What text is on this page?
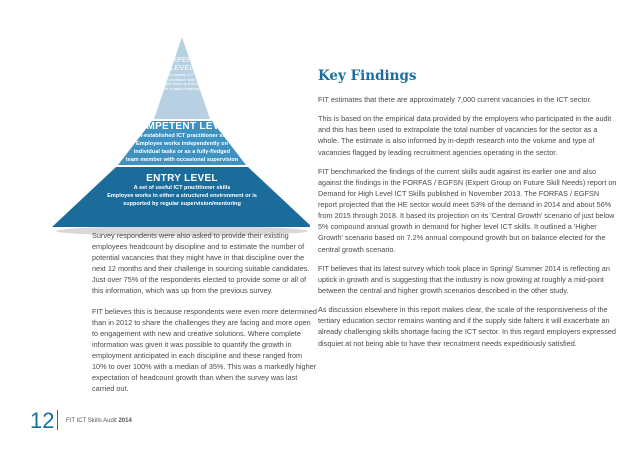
EXPERT
LEVEL
A mastery of IT
practitioner skills
Employee works on a technology
expert or leads a team project
COMPETENT LEVEL
Well-established ICT practitioner skills
Employee works independently on
individual tasks or as a fully-fledged
team member with occasional supervision
ENTRY LEVEL
A set of useful ICT practitioner skills
Employee works in either a structured environment or is
supported by regular supervision/mentoring

Survey respondents were also asked to provide their existing employees headcount by discipline and to estimate the number of potential vacancies that they might have in that discipline over the next 12 months and their challenge in sourcing suitable candidates. Just over 75% of the respondents elected to provide some or all of this information, which was up from the previous survey.

FIT believes this is because respondents were even more determined than in 2012 to share the challenges they are facing and more open to engagement with new and creative solutions. Where complete information was given it was possible to quantify the growth in employment anticipated in each discipline and these ranged from 10% to over 100% with a median of 35%. This was a markedly higher expectation of headcount growth than when the survey was last carried out.

Key Findings

FIT estimates that there are approximately 7,000 current vacancies in the ICT sector.

This is based on the empirical data provided by the employers who participated in the audit and this has been used to extrapolate the total number of vacancies for the sector as a whole. The estimate is also informed by in-depth research into the volume and type of vacancies flagged by leading recruitment agencies operating in the sector.

FIT benchmarked the findings of the current skills audit against its earlier one and also against the findings in the FORFAS / EGFSN (Expert Group on Future Skill Needs) report on Demand for High Level ICT Skills published in November 2013. The FORFAS / EGFSN report projected that the HE sector would meet 53% of the demand in 2014 and about 56% from 2015 through 2018. It based its projection on its 'Central Growth' scenario of just below 5% compound annual growth in demand for higher level ICT skills. It outlined a 'Higher Growth' scenario based on 7.2% annual compound growth but on balance elected for the central growth scenario.

FIT believes that its latest survey which took place in Spring/ Summer 2014 is reflecting an uptick in growth and is suggesting that the industry is now growing at roughly a mid-point between the central and higher growth scenarios described in the other study.

As discussion elsewhere in this report makes clear, the scale of the responsiveness of the tertiary education sector remains wanting and if the supply side falters it will exacerbate an already challenging skills shortage facing the ICT sector. In this regard employers expressed disquiet at not being able to have their recruitment needs expeditiously satisfied.

12 FIT ICT Skills Audit 2014
